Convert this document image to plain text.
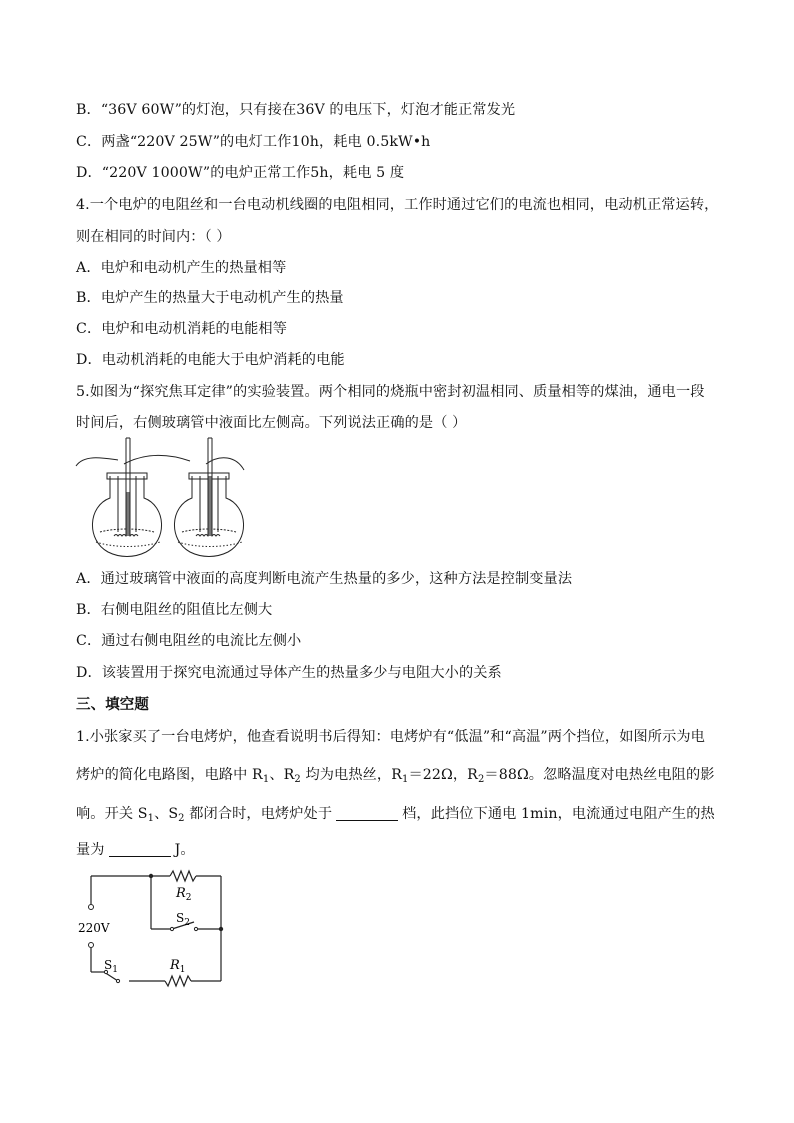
B．“36V 60W”的灯泡，只有接在36V 的电压下，灯泡才能正常发光
C．两盏“220V 25W”的电灯工作10h，耗电 0.5kW•h
D．“220V 1000W”的电炉正常工作5h，耗电 5 度
4.一个电炉的电阻丝和一台电动机线圈的电阻相同，工作时通过它们的电流也相同，电动机正常运转，
则在相同的时间内：（ ）
A．电炉和电动机产生的热量相等
B．电炉产生的热量大于电动机产生的热量
C．电炉和电动机消耗的电能相等
D．电动机消耗的电能大于电炉消耗的电能
5.如图为“探究焦耳定律”的实验装置。两个相同的烧瓶中密封初温相同、质量相等的煤油，通电一段
时间后，右侧玻璃管中液面比左侧高。下列说法正确的是（ ）
A．通过玻璃管中液面的高度判断电流产生热量的多少，这种方法是控制变量法
B．右侧电阻丝的阻值比左侧大
C．通过右侧电阻丝的电流比左侧小
D．该装置用于探究电流通过导体产生的热量多少与电阻大小的关系
三、填空题
1.小张家买了一台电烤炉，他查看说明书后得知：电烤炉有“低温”和“高温”两个挡位，如图所示为电
烤炉的简化电路图，电路中 $R_1$、$R_2$ 均为电热丝，$R_1=22\Omega$，$R_2=88\Omega$。忽略温度对电热丝电阻的影
响。开关 $S_1$、$S_2$ 都闭合时，电烤炉处于	档，此挡位下通电 1min，电流通过电阻产生的热
量为	J。
$R_2$
$S_2$
220V
$S_1$	$R_1$
